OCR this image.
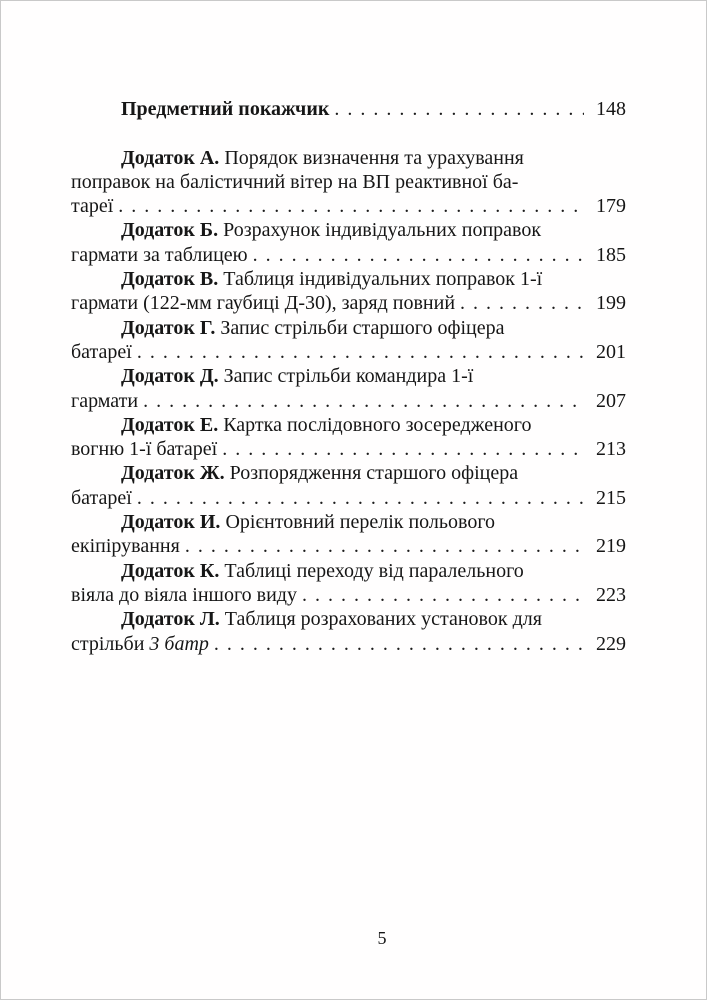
Предметний покажчик . . .	148
Додаток А. Порядок визначення та урахування
поправок на балістичний вітер на ВП реактивної ба-
тареї . . .	179
Додаток Б. Розрахунок індивідуальних поправок
гармати за таблицею . . .	185
Додаток В. Таблиця індивідуальних поправок 1-ї
гармати (122-мм гаубиці Д-30), заряд повний . . .	199
Додаток Г. Запис стрільби старшого офіцера
батареї . . .	201
Додаток Д. Запис стрільби командира 1-ї
гармати . . .	207
Додаток Е. Картка послідовного зосередженого
вогню 1-ї батареї . . .	213
Додаток Ж. Розпорядження старшого офіцера
батареї . . .	215
Додаток И. Орієнтовний перелік польового
екіпірування . . .	219
Додаток К. Таблиці переходу від паралельного
віяла до віяла іншого виду . . .	223
Додаток Л. Таблиця розрахованих установок для
стрільби 3 батр . . .	229
5
